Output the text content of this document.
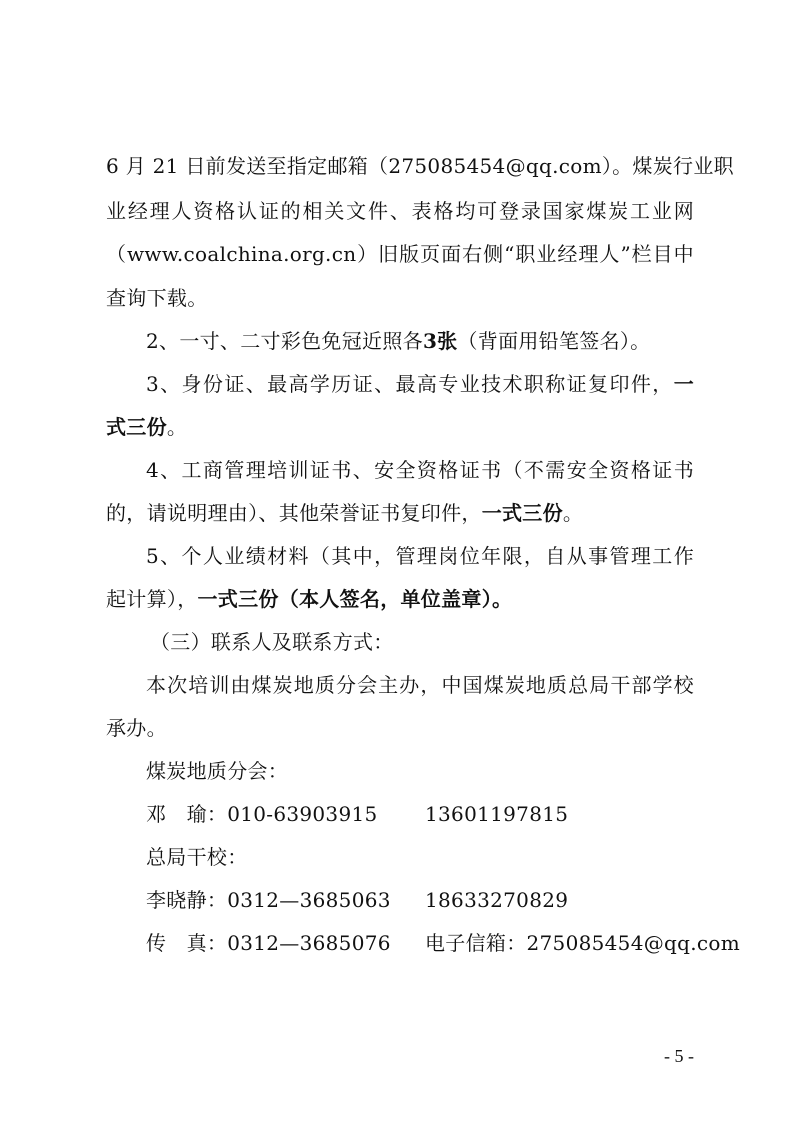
6 月 21 日前发送至指定邮箱（275085454@qq.com）。煤炭行业职
业经理人资格认证的相关文件、表格均可登录国家煤炭工业网
（www.coalchina.org.cn）旧版页面右侧“职业经理人”栏目中
查询下载。
2、一寸、二寸彩色免冠近照各3张（背面用铅笔签名）。
3、身份证、最高学历证、最高专业技术职称证复印件，一
式三份。
4、工商管理培训证书、安全资格证书（不需安全资格证书
的，请说明理由）、其他荣誉证书复印件，一式三份。
5、个人业绩材料（其中，管理岗位年限，自从事管理工作
起计算），一式三份（本人签名，单位盖章）。
（三）联系人及联系方式：
本次培训由煤炭地质分会主办，中国煤炭地质总局干部学校
承办。
煤炭地质分会：
邓　瑜：010-63903915 13601197815
总局干校：
李晓静：0312—3685063 18633270829
传　真：0312—3685076 电子信箱：275085454@qq.com
- 5 -
